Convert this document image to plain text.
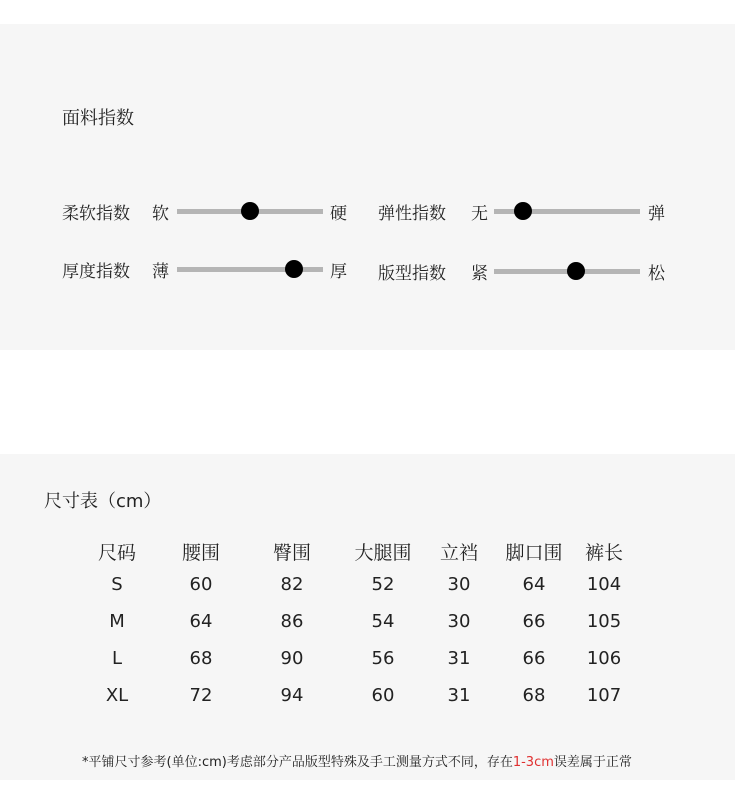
面料指数
柔软指数 软	硬 弹性指数 无	弹
厚度指数 薄	厚 版型指数 紧	松
尺寸表（cm）
尺码	腰围	臀围	大腿围	立裆	脚口围	裤长
S	60	82	52	30	64	104
M	64	86	54	30	66	105
L	68	90	56	31	66	106
XL	72	94	60	31	68	107
*平铺尺寸参考(单位:cm)考虑部分产品版型特殊及手工测量方式不同，存在1-3cm误差属于正常
